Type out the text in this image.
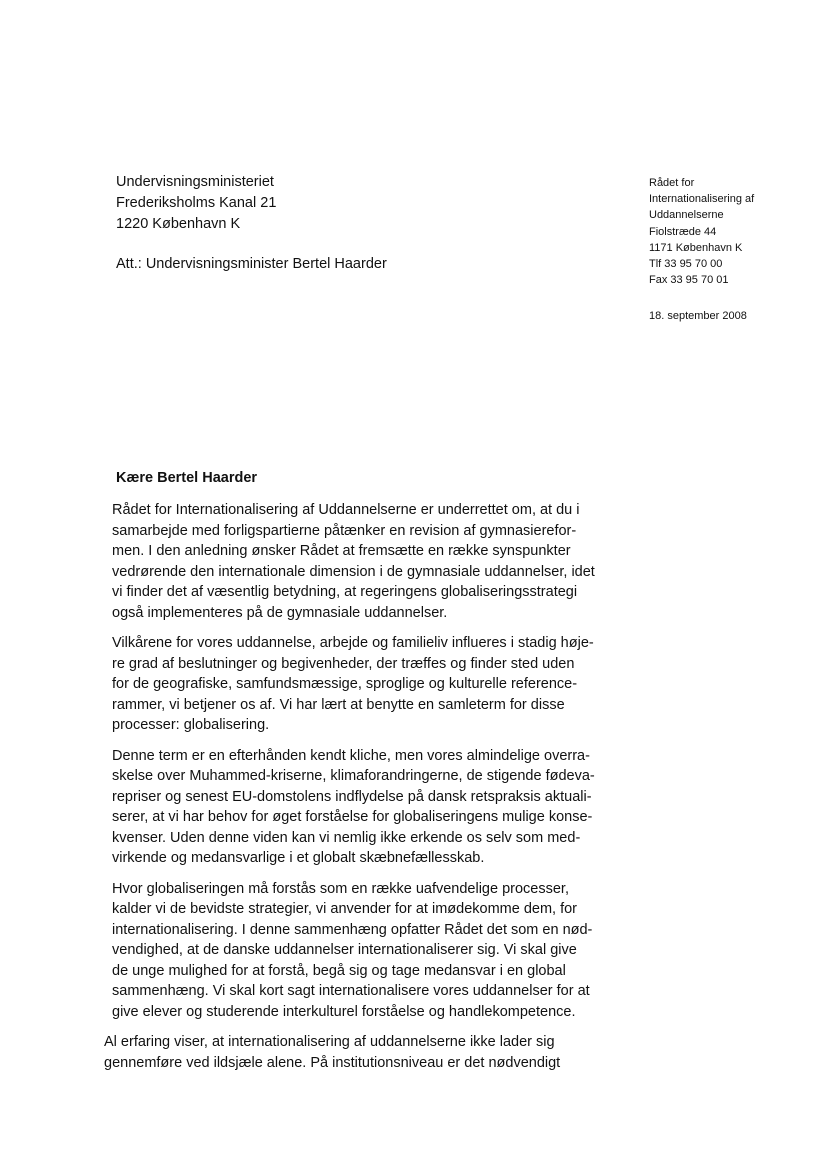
Undervisningsministeriet
Frederiksholms Kanal 21
1220 København K
Att.: Undervisningsminister Bertel Haarder
Rådet for
Internationalisering af
Uddannelserne
Fiolstræde 44
1171 København K
Tlf 33 95 70 00
Fax 33 95 70 01
18. september 2008
Kære Bertel Haarder

Rådet for Internationalisering af Uddannelserne er underrettet om, at du i
samarbejde med forligspartierne påtænker en revision af gymnasierefor-
men. I den anledning ønsker Rådet at fremsætte en række synspunkter
vedrørende den internationale dimension i de gymnasiale uddannelser, idet
vi finder det af væsentlig betydning, at regeringens globaliseringsstrategi
også implementeres på de gymnasiale uddannelser.

Vilkårene for vores uddannelse, arbejde og familieliv influeres i stadig høje-
re grad af beslutninger og begivenheder, der træffes og finder sted uden
for de geografiske, samfundsmæssige, sproglige og kulturelle reference-
rammer, vi betjener os af. Vi har lært at benytte en samleterm for disse
processer: globalisering.

Denne term er en efterhånden kendt kliche, men vores almindelige overra-
skelse over Muhammed-kriserne, klimaforandringerne, de stigende fødeva-
repriser og senest EU-domstolens indflydelse på dansk retspraksis aktuali-
serer, at vi har behov for øget forståelse for globaliseringens mulige konse-
kvenser. Uden denne viden kan vi nemlig ikke erkende os selv som med-
virkende og medansvarlige i et globalt skæbnefællesskab.

Hvor globaliseringen må forstås som en række uafvendelige processer,
kalder vi de bevidste strategier, vi anvender for at imødekomme dem, for
internationalisering. I denne sammenhæng opfatter Rådet det som en nød-
vendighed, at de danske uddannelser internationaliserer sig. Vi skal give
de unge mulighed for at forstå, begå sig og tage medansvar i en global
sammenhæng. Vi skal kort sagt internationalisere vores uddannelser for at
give elever og studerende interkulturel forståelse og handlekompetence.

Al erfaring viser, at internationalisering af uddannelserne ikke lader sig
gennemføre ved ildsjæle alene. På institutionsniveau er det nødvendigt
